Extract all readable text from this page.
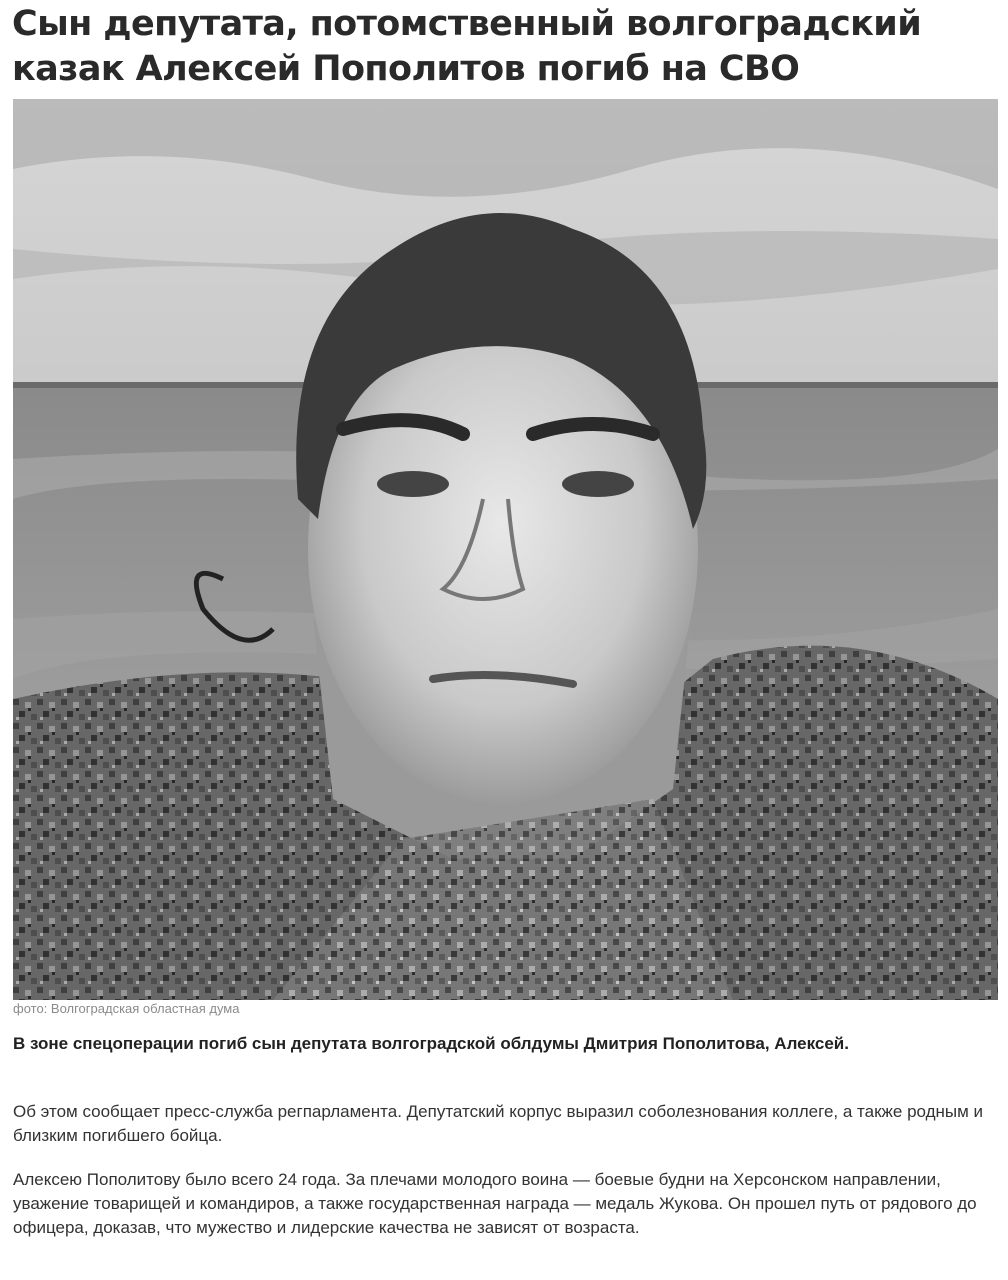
Сын депутата, потомственный волгоградский казак Алексей Пополитов погиб на СВО
фото: Волгоградская областная дума

В зоне спецоперации погиб сын депутата волгоградской облдумы Дмитрия Пополитова, Алексей.

Об этом сообщает пресс-служба регпарламента. Депутатский корпус выразил соболезнования коллеге, а также родным и близким погибшего бойца.

Алексею Пополитову было всего 24 года. За плечами молодого воина — боевые будни на Херсонском направлении, уважение товарищей и командиров, а также государственная награда — медаль Жукова. Он прошел путь от рядового до офицера, доказав, что мужество и лидерские качества не зависят от возраста.
